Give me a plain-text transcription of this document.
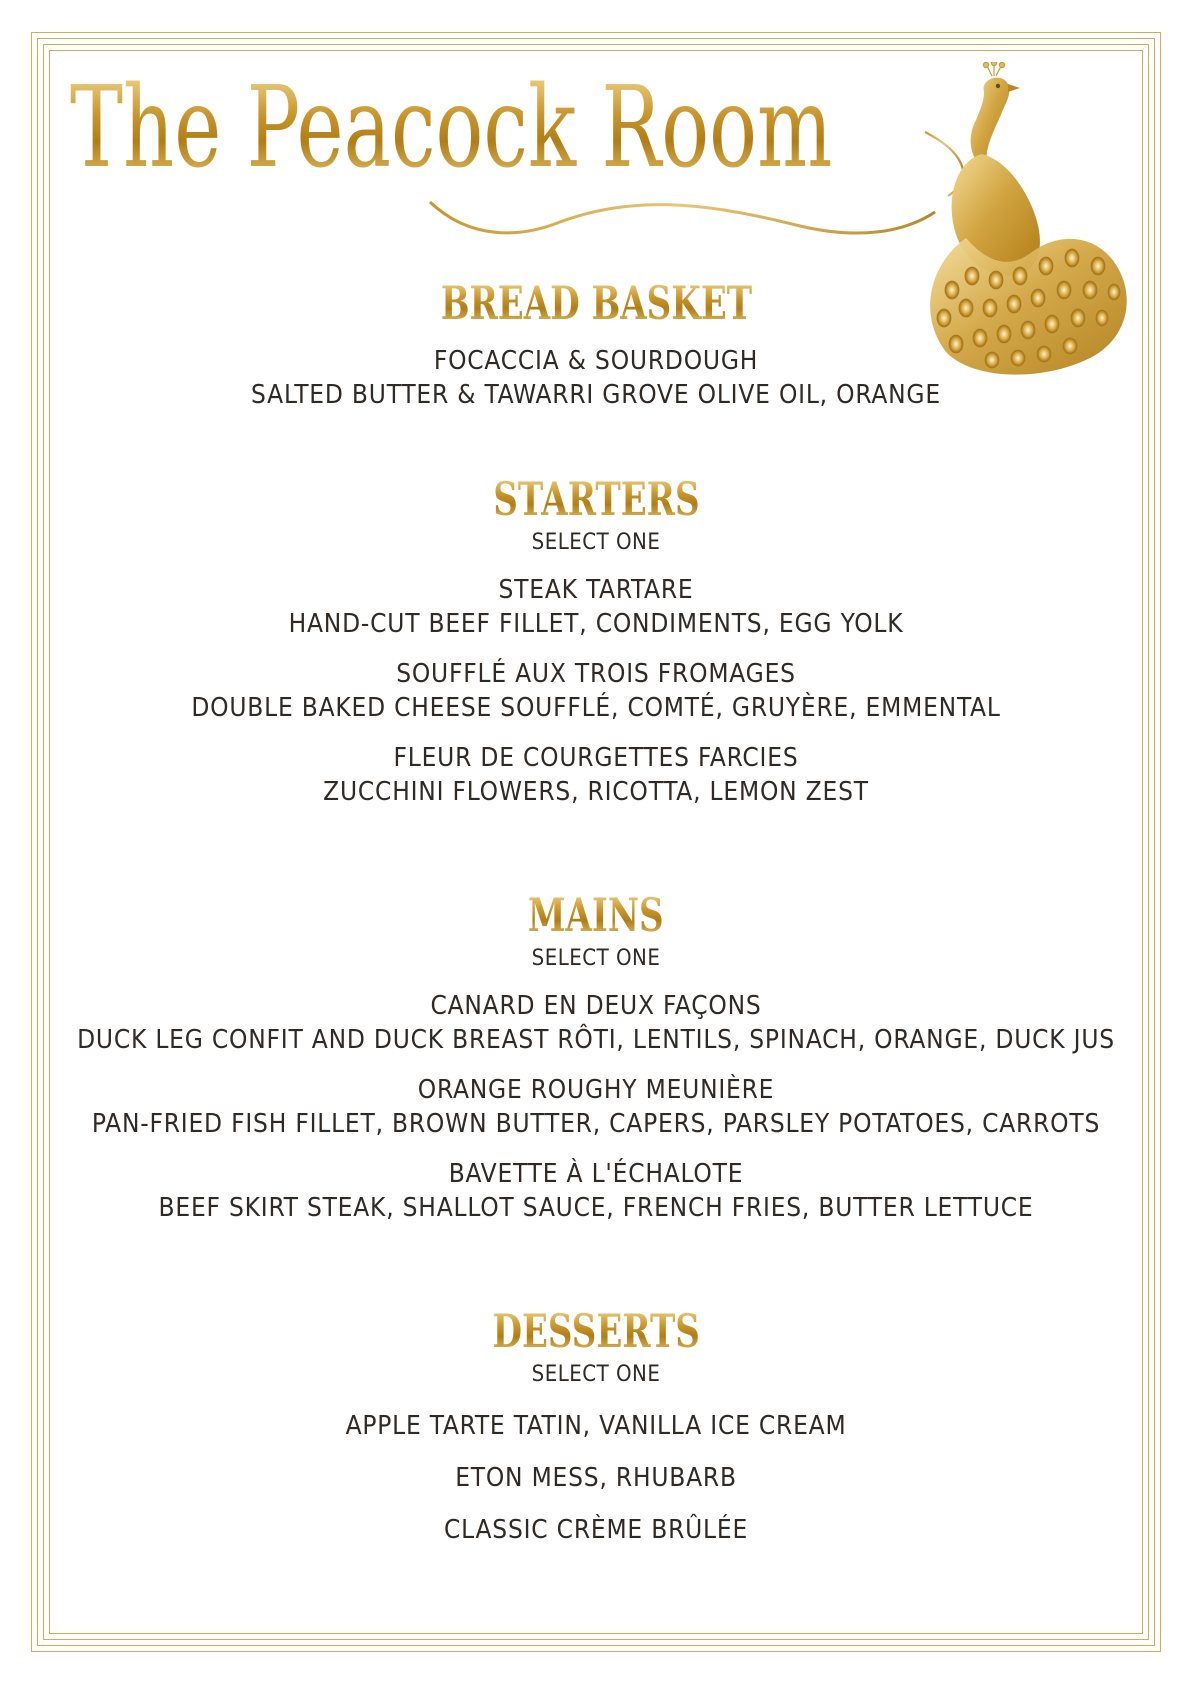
The Peacock Room
BREAD BASKET
FOCACCIA & SOURDOUGH
SALTED BUTTER & TAWARRI GROVE OLIVE OIL, ORANGE
STARTERS
SELECT ONE
STEAK TARTARE
HAND-CUT BEEF FILLET, CONDIMENTS, EGG YOLK
SOUFFLÉ AUX TROIS FROMAGES
DOUBLE BAKED CHEESE SOUFFLÉ, COMTÉ, GRUYÈRE, EMMENTAL
FLEUR DE COURGETTES FARCIES
ZUCCHINI FLOWERS, RICOTTA, LEMON ZEST
MAINS
SELECT ONE
CANARD EN DEUX FAÇONS
DUCK LEG CONFIT AND DUCK BREAST RÔTI, LENTILS, SPINACH, ORANGE, DUCK JUS
ORANGE ROUGHY MEUNIÈRE
PAN-FRIED FISH FILLET, BROWN BUTTER, CAPERS, PARSLEY POTATOES, CARROTS
BAVETTE À L'ÉCHALOTE
BEEF SKIRT STEAK, SHALLOT SAUCE, FRENCH FRIES, BUTTER LETTUCE
DESSERTS
SELECT ONE
APPLE TARTE TATIN, VANILLA ICE CREAM
ETON MESS, RHUBARB
CLASSIC CRÈME BRÛLÉE
